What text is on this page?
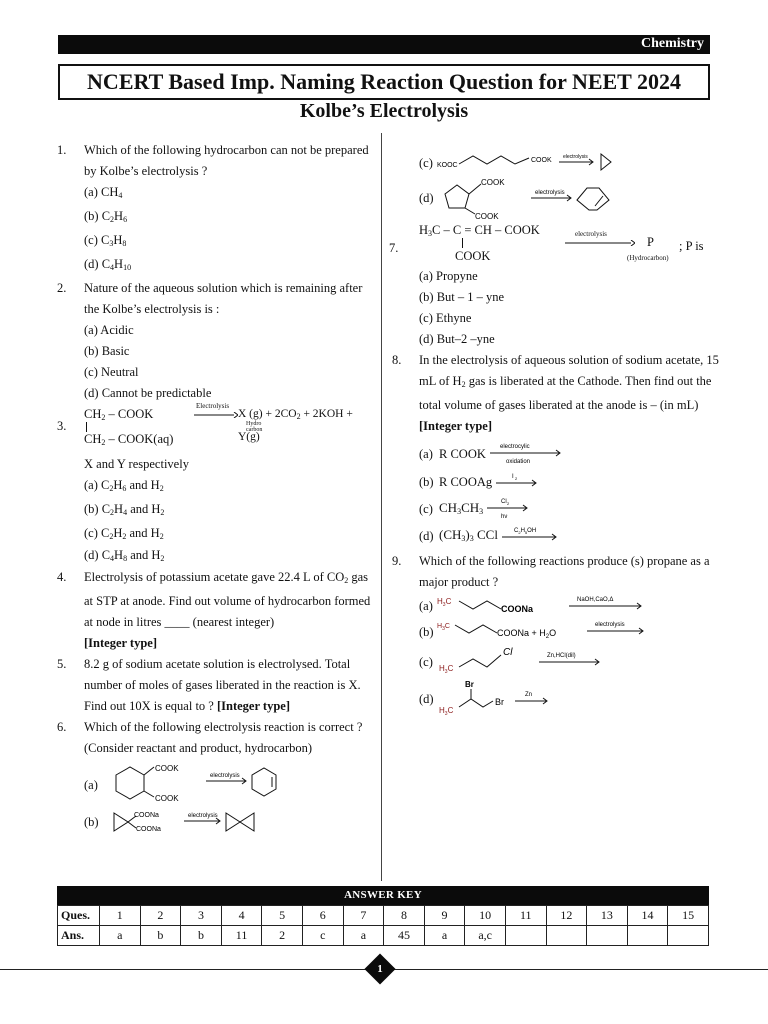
Chemistry
NCERT Based Imp. Naming Reaction Question for NEET 2024
Kolbe’s Electrolysis
1.	Which of the following hydrocarbon can not be prepared by Kolbe’s electrolysis ?
(a) $CH_4$
(b) $C_2H_6$
(c) $C_3H_8$
(d) $C_4H_{10}$
2.	Nature of the aqueous solution which is remaining after the Kolbe’s electrolysis is :
(a) Acidic
(b) Basic
(c) Neutral
(d) Cannot be predictable
3.
$CH_2$ – COOK
$CH_2$ – COOK(aq)
Electrolysis
X $(g) + 2CO_2 + 2KOH + Y(g)$
Hydro
carbon
X and Y respectively
(a) $C_2H_6$ and $H_2$
(b) $C_2H_4$ and $H_2$
(c) $C_2H_2$ and $H_2$
(d) $C_4H_8$ and $H_2$
4.	Electrolysis of potassium acetate gave 22.4 L of $CO_2$ gas at STP at anode. Find out volume of hydrocarbon formed at node in litres ____ (nearest integer)
[Integer type]
5.	8.2 g of sodium acetate solution is electrolysed. Total number of moles of gases liberated in the reaction is X. Find out 10X is equal to ? [Integer type]
6.	Which of the following electrolysis reaction is correct ? (Consider reactant and product, hydrocarbon)
(a)
COOK
COOK
electrolysis
(b)	COONa
COONa
electrolysis
(c) KOOC
COOK electrolysis
(d)
COOK
COOK
electrolysis
7.
$H_3C$ – C = CH – COOK
COOK
electrolysis
P
(Hydrocarbon)
; P is
(a) Propyne
(b) But – 1 – yne
(c) Ethyne
(d) But–2 –yne
8.	In the electrolysis of aqueous solution of sodium acetate, 15 mL of $H_2$ gas is liberated at the Cathode. Then find out the total volume of gases liberated at the anode is – (in mL) [Integer type]
(a) R COOK electrocylic
oxidation
(b) R COOAg	I 2
(c) $CH_3CH_3$
Cl 2
hν
(d) $(CH_3)_3$ CCl	$C_2H_5OH$
9.	Which of the following reactions produce (s) propane as a major product ?
(a) $H_3C$
COONa
NaOH,CaO,Δ
(b) $H_3C$
COONa + $H_2O$
electrolysis
(c) $H_3C$
Cl	Zn,HCl(dil)
(d)
Br
$H_3C$
Br
Zn
ANSWER KEY
Ques.	1	2	3	4	5	6	7	8	9	10	11	12	13	14	15
Ans.	a	b	b	11	2	c	a	45	a	a,c					
1
